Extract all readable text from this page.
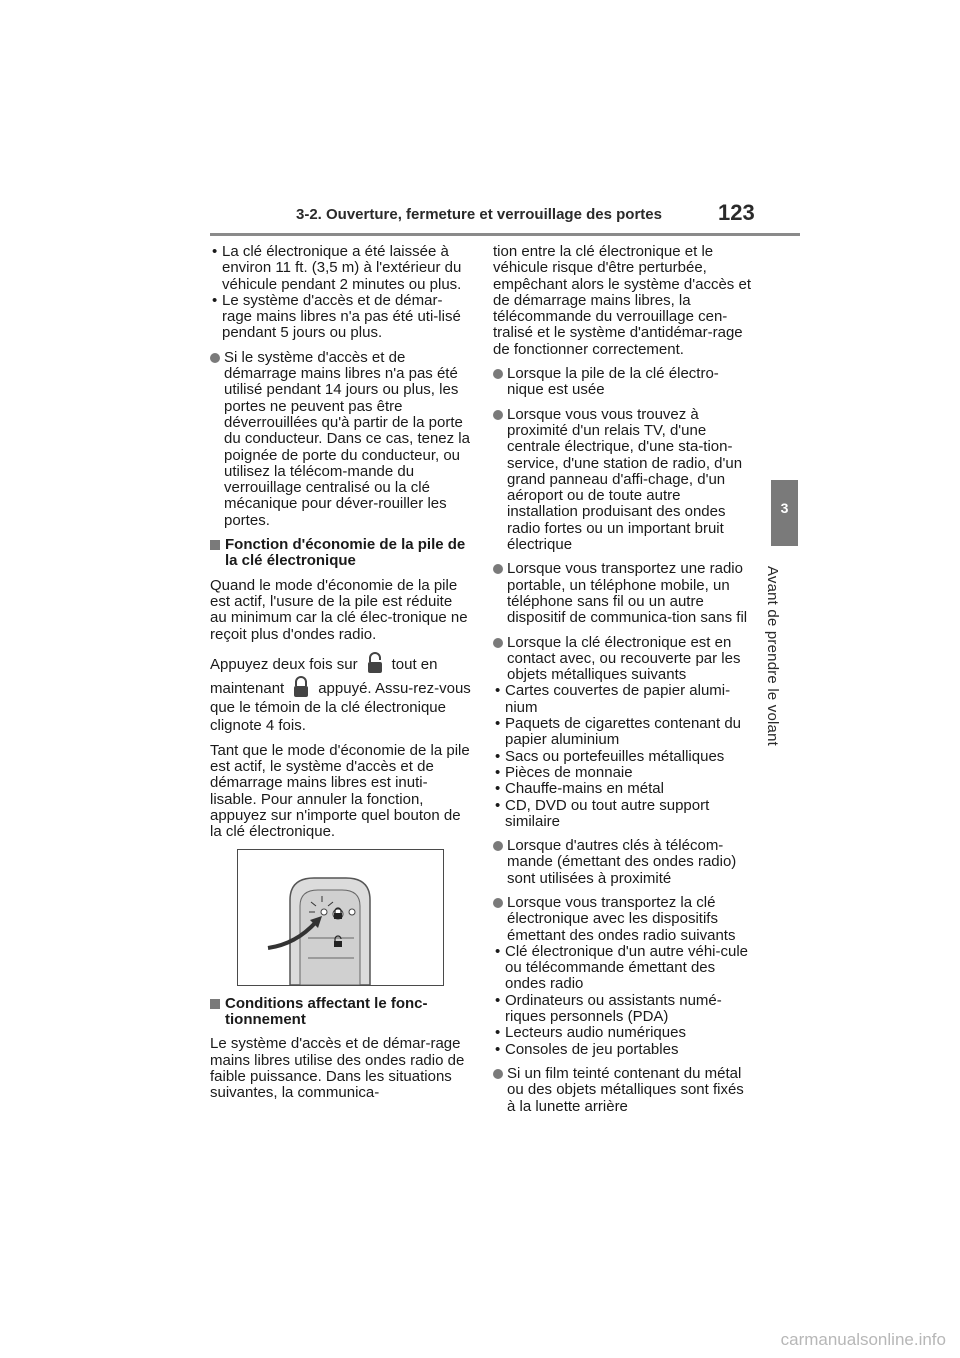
3-2. Ouverture, fermeture et verrouillage des portes	123
3
Avant de prendre le volant

• La clé électronique a été laissée à environ 11 ft. (3,5 m) à l'extérieur du véhicule pendant 2 minutes ou plus.

• Le système d'accès et de démar-rage mains libres n'a pas été uti-lisé pendant 5 jours ou plus.

Si le système d'accès et de démarrage mains libres n'a pas été utilisé pendant 14 jours ou plus, les portes ne peuvent pas être déverrouillées qu'à partir de la porte du conducteur. Dans ce cas, tenez la poignée de porte du conducteur, ou utilisez la télécom-mande du verrouillage centralisé ou la clé mécanique pour déver-rouiller les portes.
Fonction d'économie de la pile de la clé électronique

Quand le mode d'économie de la pile est actif, l'usure de la pile est réduite au minimum car la clé élec-tronique ne reçoit plus d'ondes radio.

Appuyez deux fois sur tout en
maintenant appuyé. Assu-rez-vous que le témoin de la clé électronique clignote 4 fois.

Tant que le mode d'économie de la pile est actif, le système d'accès et de démarrage mains libres est inuti-lisable. Pour annuler la fonction, appuyez sur n'importe quel bouton de la clé électronique.

Conditions affectant le fonc-tionnement

Le système d'accès et de démar-rage mains libres utilise des ondes radio de faible puissance. Dans les situations suivantes, la communica-

tion entre la clé électronique et le véhicule risque d'être perturbée, empêchant alors le système d'accès et de démarrage mains libres, la télécommande du verrouillage cen-tralisé et le système d'antidémar-rage de fonctionner correctement.

Lorsque la pile de la clé électro-nique est usée
Lorsque vous vous trouvez à proximité d'un relais TV, d'une centrale électrique, d'une sta-tion-service, d'une station de radio, d'un grand panneau d'affi-chage, d'un aéroport ou de toute autre installation produisant des ondes radio fortes ou un important bruit électrique
Lorsque vous transportez une radio portable, un téléphone mobile, un téléphone sans fil ou un autre dispositif de communica-tion sans fil
Lorsque la clé électronique est en contact avec, ou recouverte par les objets métalliques suivants

• Cartes couvertes de papier alumi-nium

• Paquets de cigarettes contenant du papier aluminium

• Sacs ou portefeuilles métalliques

• Pièces de monnaie

• Chauffe-mains en métal

• CD, DVD ou tout autre support similaire

Lorsque d'autres clés à télécom-mande (émettant des ondes radio) sont utilisées à proximité
Lorsque vous transportez la clé électronique avec les dispositifs émettant des ondes radio suivants

• Clé électronique d'un autre véhi-cule ou télécommande émettant des ondes radio

• Ordinateurs ou assistants numé-riques personnels (PDA)

• Lecteurs audio numériques

• Consoles de jeu portables

Si un film teinté contenant du métal ou des objets métalliques sont fixés à la lunette arrière
carmanualsonline.info
